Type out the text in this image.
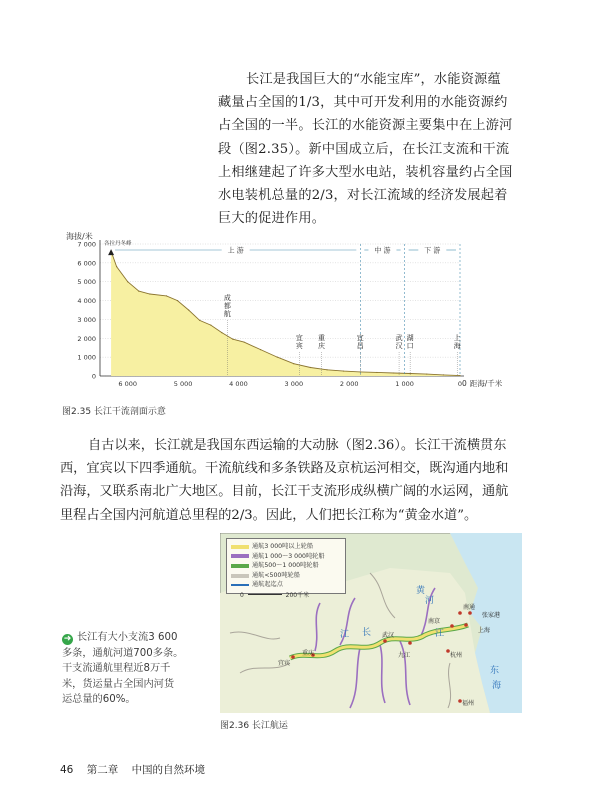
长江是我国巨大的“水能宝库”，水能资源蕴
藏量占全国的1/3，其中可开发利用的水能资源约
占全国的一半。长江的水能资源主要集中在上游河
段（图2.35）。新中国成立后，在长江支流和干流
上相继建起了许多大型水电站，装机容量约占全国
水电装机总量的2/3，对长江流域的经济发展起着
巨大的促进作用。
海拔/米
0
1 000
2 000
3 000
4 000
5 000
6 000
7 000
6 000	5 000	4 000	3 000	2 000	1 000	0
上 游	中 游	下 游
成
都
航
宜
宾
重
庆
宜
昌
武
汉
湖
口
上
海
0 距海/千米
各拉丹冬峰
图2.35 长江干流剖面示意
自古以来，长江就是我国东西运输的大动脉（图2.36）。长江干流横贯东
西，宜宾以下四季通航。干流航线和多条铁路及京杭运河相交，既沟通内地和
沿海，又联系南北广大地区。目前，长江干支流形成纵横广阔的水运网，通航
里程占全国内河航道总里程的2/3。因此，人们把长江称为“黄金水道”。
南通
张家港
南京
上海
武汉
九江	杭州
重庆
宜宾
福州
黄
河
江	江
长
东
海
通航3 000吨以上轮船
通航1 000～3 000吨轮船
通航500～1 000吨轮船
通航<500吨轮船
通航起迄点
0	200千米
图2.36 长江航运
➜ 长江有大小支流3 600
多条，通航河道700多条。
干支流通航里程近8万千
米，货运量占全国内河货
运总量的60%。
46 第二章 中国的自然环境
